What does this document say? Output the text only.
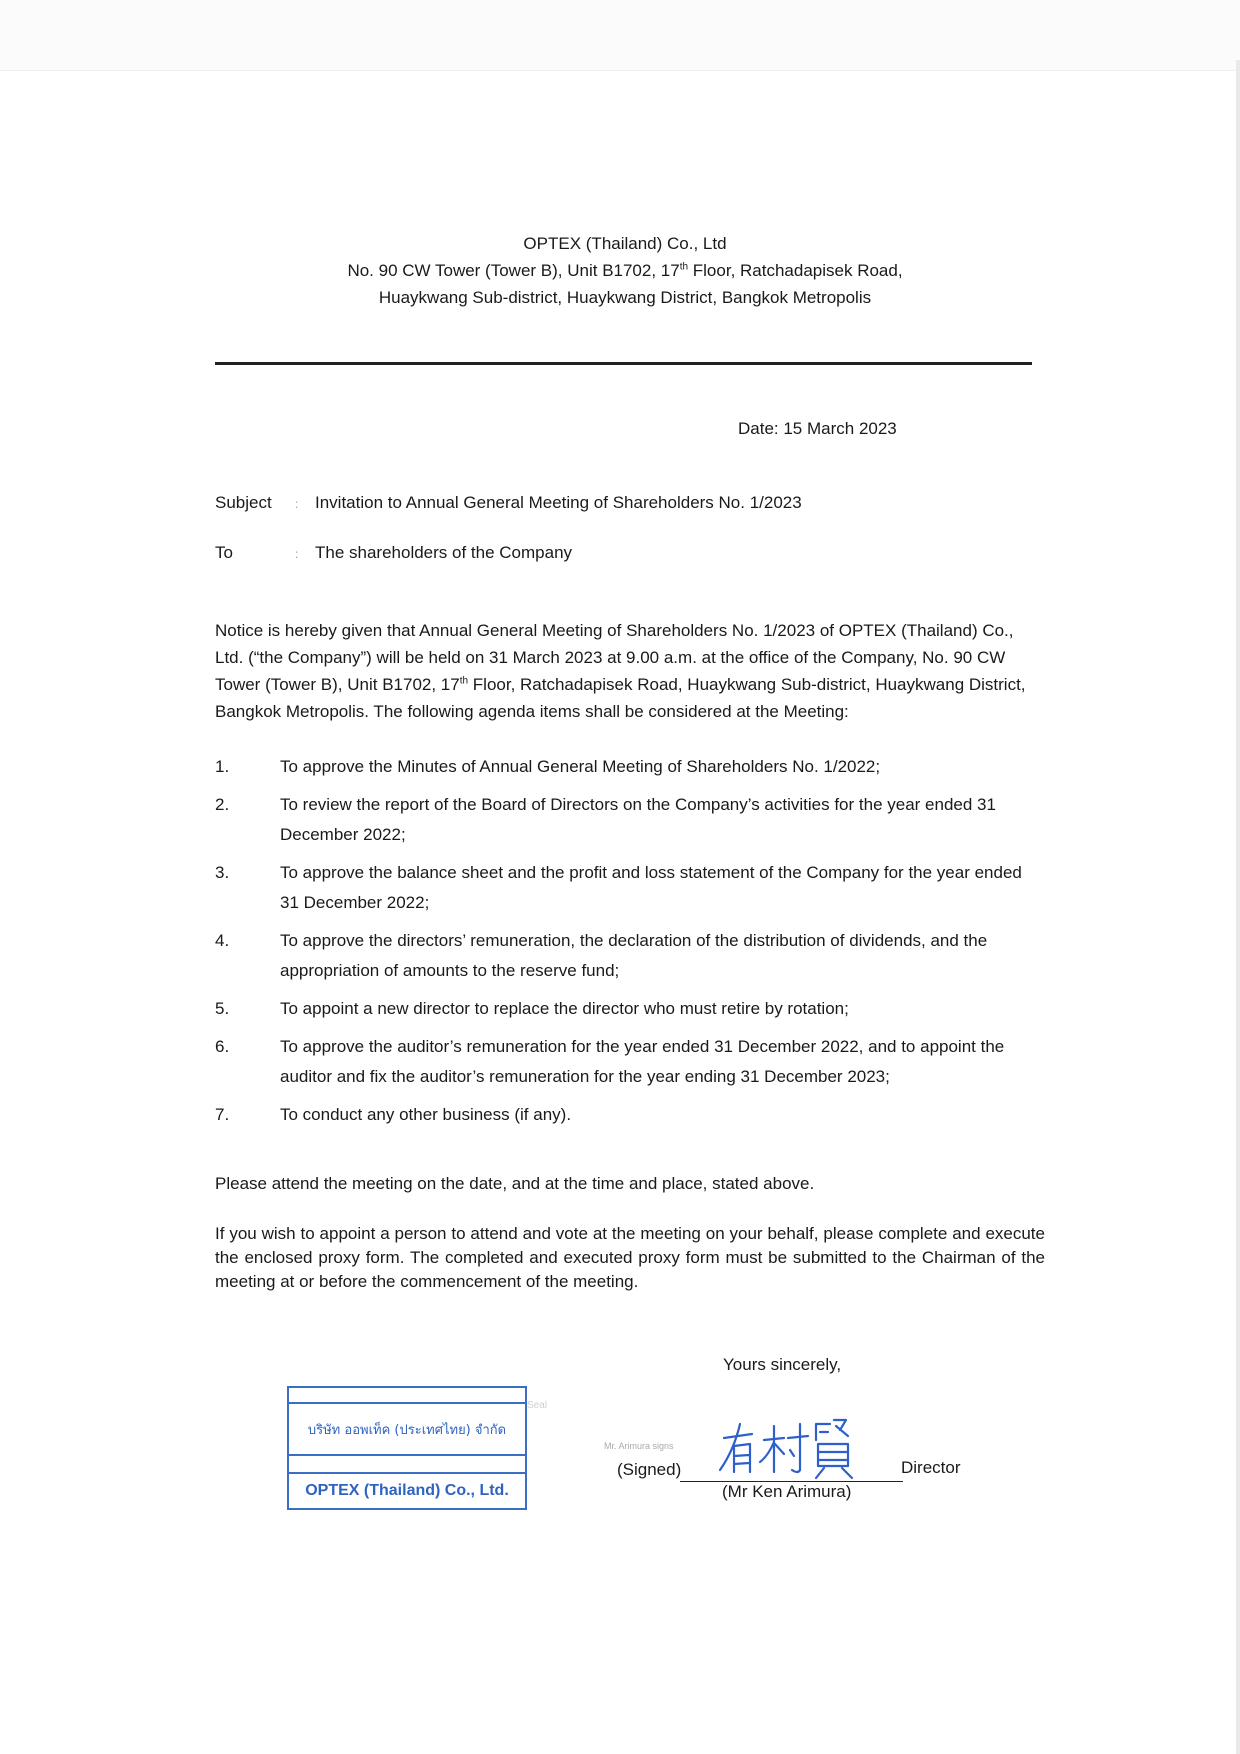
OPTEX (Thailand) Co., Ltd
No. 90 CW Tower (Tower B), Unit B1702, 17th Floor, Ratchadapisek Road,
Huaykwang Sub-district, Huaykwang District, Bangkok Metropolis
Date: 15 March 2023
Subject : Invitation to Annual General Meeting of Shareholders No. 1/2023
To	: The shareholders of the Company
Notice is hereby given that Annual General Meeting of Shareholders No. 1/2023 of OPTEX (Thailand) Co., Ltd. (“the Company”) will be held on 31 March 2023 at 9.00 a.m. at the office of the Company, No. 90 CW Tower (Tower B), Unit B1702, 17th Floor, Ratchadapisek Road, Huaykwang Sub-district, Huaykwang District, Bangkok Metropolis. The following agenda items shall be considered at the Meeting:
1.	To approve the Minutes of Annual General Meeting of Shareholders No. 1/2022;
2.	To review the report of the Board of Directors on the Company’s activities for the year ended 31 December 2022;
3.	To approve the balance sheet and the profit and loss statement of the Company for the year ended 31 December 2022;
4.	To approve the directors’ remuneration, the declaration of the distribution of dividends, and the appropriation of amounts to the reserve fund;
5.	To appoint a new director to replace the director who must retire by rotation;
6.	To approve the auditor’s remuneration for the year ended 31 December 2022, and to appoint the auditor and fix the auditor’s remuneration for the year ending 31 December 2023;
7.	To conduct any other business (if any).
Please attend the meeting on the date, and at the time and place, stated above.
If you wish to appoint a person to attend and vote at the meeting on your behalf, please complete and execute the enclosed proxy form. The completed and executed proxy form must be submitted to the Chairman of the meeting at or before the commencement of the meeting.
Yours sincerely,
บริษัท ออพเท็ค (ประเทศไทย) จำกัด
OPTEX (Thailand) Co., Ltd.
Seal
Mr. Arimura signs
(Signed)	Director
(Mr Ken Arimura)
